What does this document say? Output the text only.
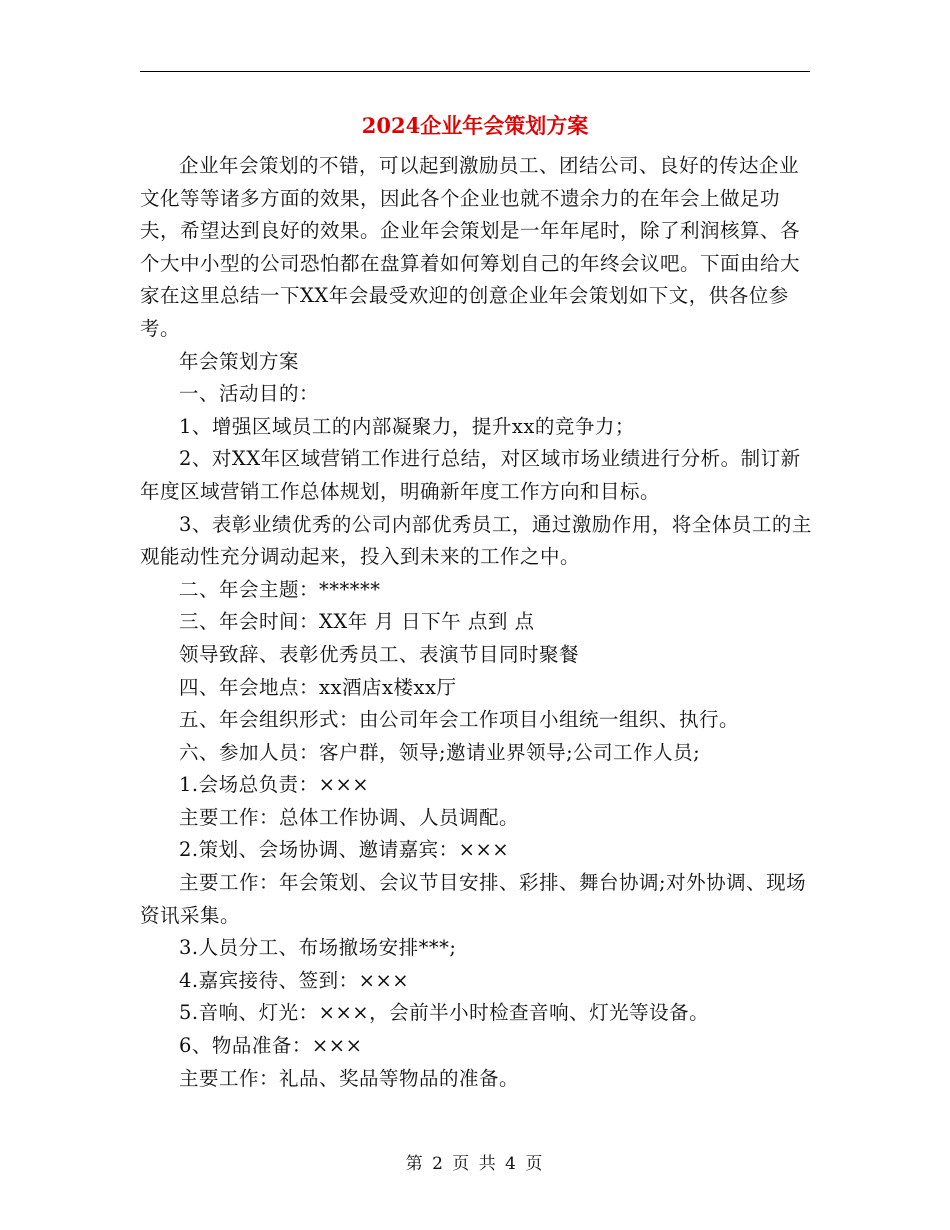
2024企业年会策划方案

企业年会策划的不错，可以起到激励员工、团结公司、良好的传达企业文化等等诸多方面的效果，因此各个企业也就不遗余力的在年会上做足功夫，希望达到良好的效果。企业年会策划是一年年尾时，除了利润核算、各个大中小型的公司恐怕都在盘算着如何筹划自己的年终会议吧。下面由给大家在这里总结一下XX年会最受欢迎的创意企业年会策划如下文，供各位参考。

年会策划方案

一、活动目的：

1、增强区域员工的内部凝聚力，提升xx的竞争力；

2、对XX年区域营销工作进行总结，对区域市场业绩进行分析。制订新年度区域营销工作总体规划，明确新年度工作方向和目标。

3、表彰业绩优秀的公司内部优秀员工，通过激励作用，将全体员工的主观能动性充分调动起来，投入到未来的工作之中。

二、年会主题：******

三、年会时间：XX年 月 日下午 点到 点

领导致辞、表彰优秀员工、表演节目同时聚餐

四、年会地点：xx酒店x楼xx厅

五、年会组织形式：由公司年会工作项目小组统一组织、执行。

六、参加人员：客户群，领导;邀请业界领导;公司工作人员;

1.会场总负责：×××

主要工作：总体工作协调、人员调配。

2.策划、会场协调、邀请嘉宾：×××

主要工作：年会策划、会议节目安排、彩排、舞台协调;对外协调、现场资讯采集。

3.人员分工、布场撤场安排***;

4.嘉宾接待、签到：×××

5.音响、灯光：×××，会前半小时检查音响、灯光等设备。

6、物品准备：×××

主要工作：礼品、奖品等物品的准备。

第 2 页 共 4 页
